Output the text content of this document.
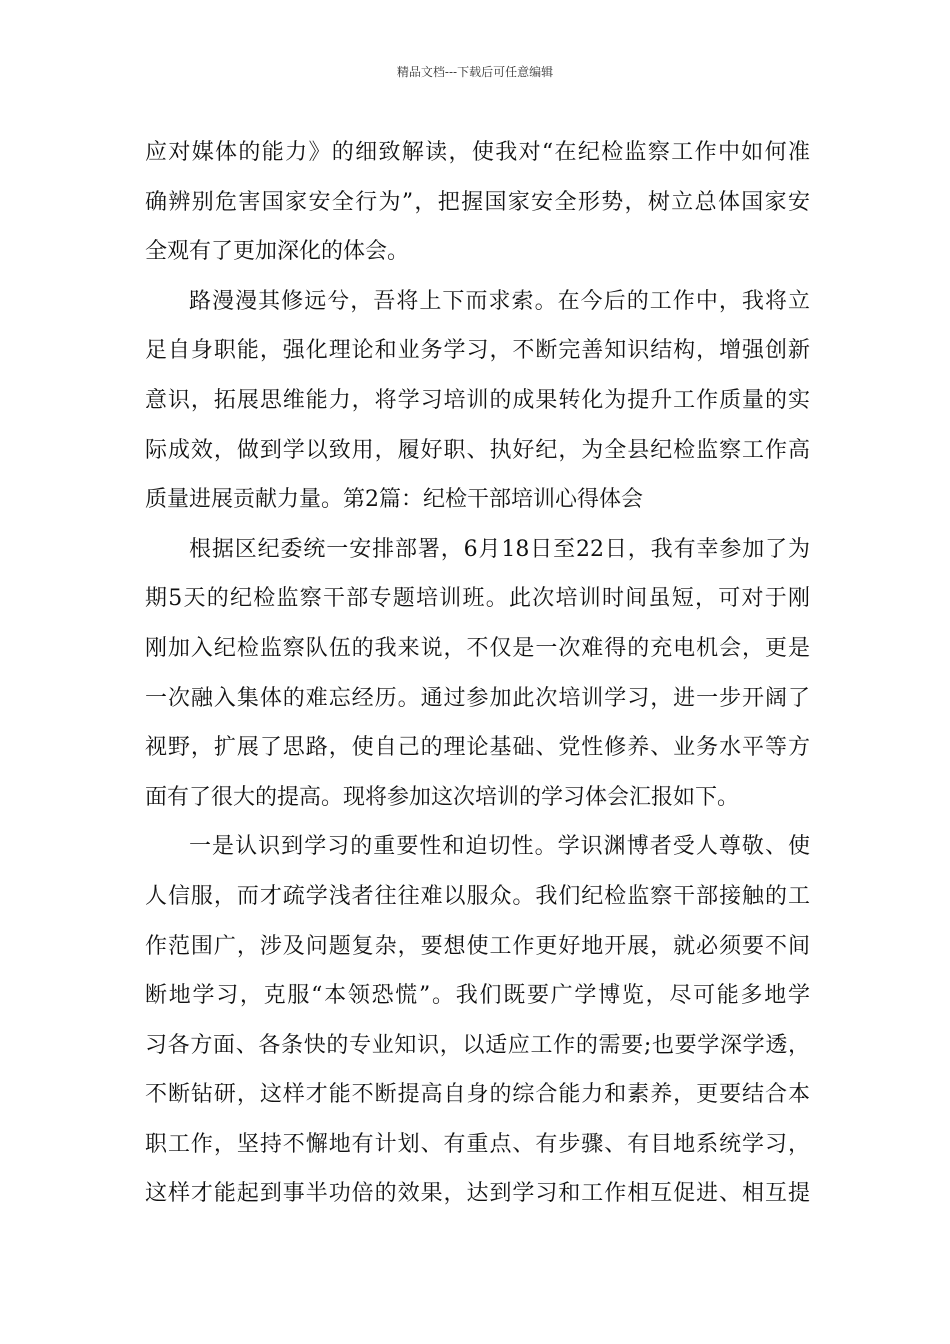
精品文档---下载后可任意编辑
应对媒体的能力》的细致解读，使我对“在纪检监察工作中如何准
确辨别危害国家安全行为”，把握国家安全形势，树立总体国家安
全观有了更加深化的体会。
路漫漫其修远兮，吾将上下而求索。在今后的工作中，我将立
足自身职能，强化理论和业务学习，不断完善知识结构，增强创新
意识，拓展思维能力，将学习培训的成果转化为提升工作质量的实
际成效，做到学以致用，履好职、执好纪，为全县纪检监察工作高
质量进展贡献力量。第2篇：纪检干部培训心得体会
根据区纪委统一安排部署，6月18日至22日，我有幸参加了为
期5天的纪检监察干部专题培训班。此次培训时间虽短，可对于刚
刚加入纪检监察队伍的我来说，不仅是一次难得的充电机会，更是
一次融入集体的难忘经历。通过参加此次培训学习，进一步开阔了
视野，扩展了思路，使自己的理论基础、党性修养、业务水平等方
面有了很大的提高。现将参加这次培训的学习体会汇报如下。
一是认识到学习的重要性和迫切性。学识渊博者受人尊敬、使
人信服，而才疏学浅者往往难以服众。我们纪检监察干部接触的工
作范围广，涉及问题复杂，要想使工作更好地开展，就必须要不间
断地学习，克服“本领恐慌”。我们既要广学博览，尽可能多地学
习各方面、各条快的专业知识，以适应工作的需要;也要学深学透，
不断钻研，这样才能不断提高自身的综合能力和素养，更要结合本
职工作，坚持不懈地有计划、有重点、有步骤、有目地系统学习，
这样才能起到事半功倍的效果，达到学习和工作相互促进、相互提
